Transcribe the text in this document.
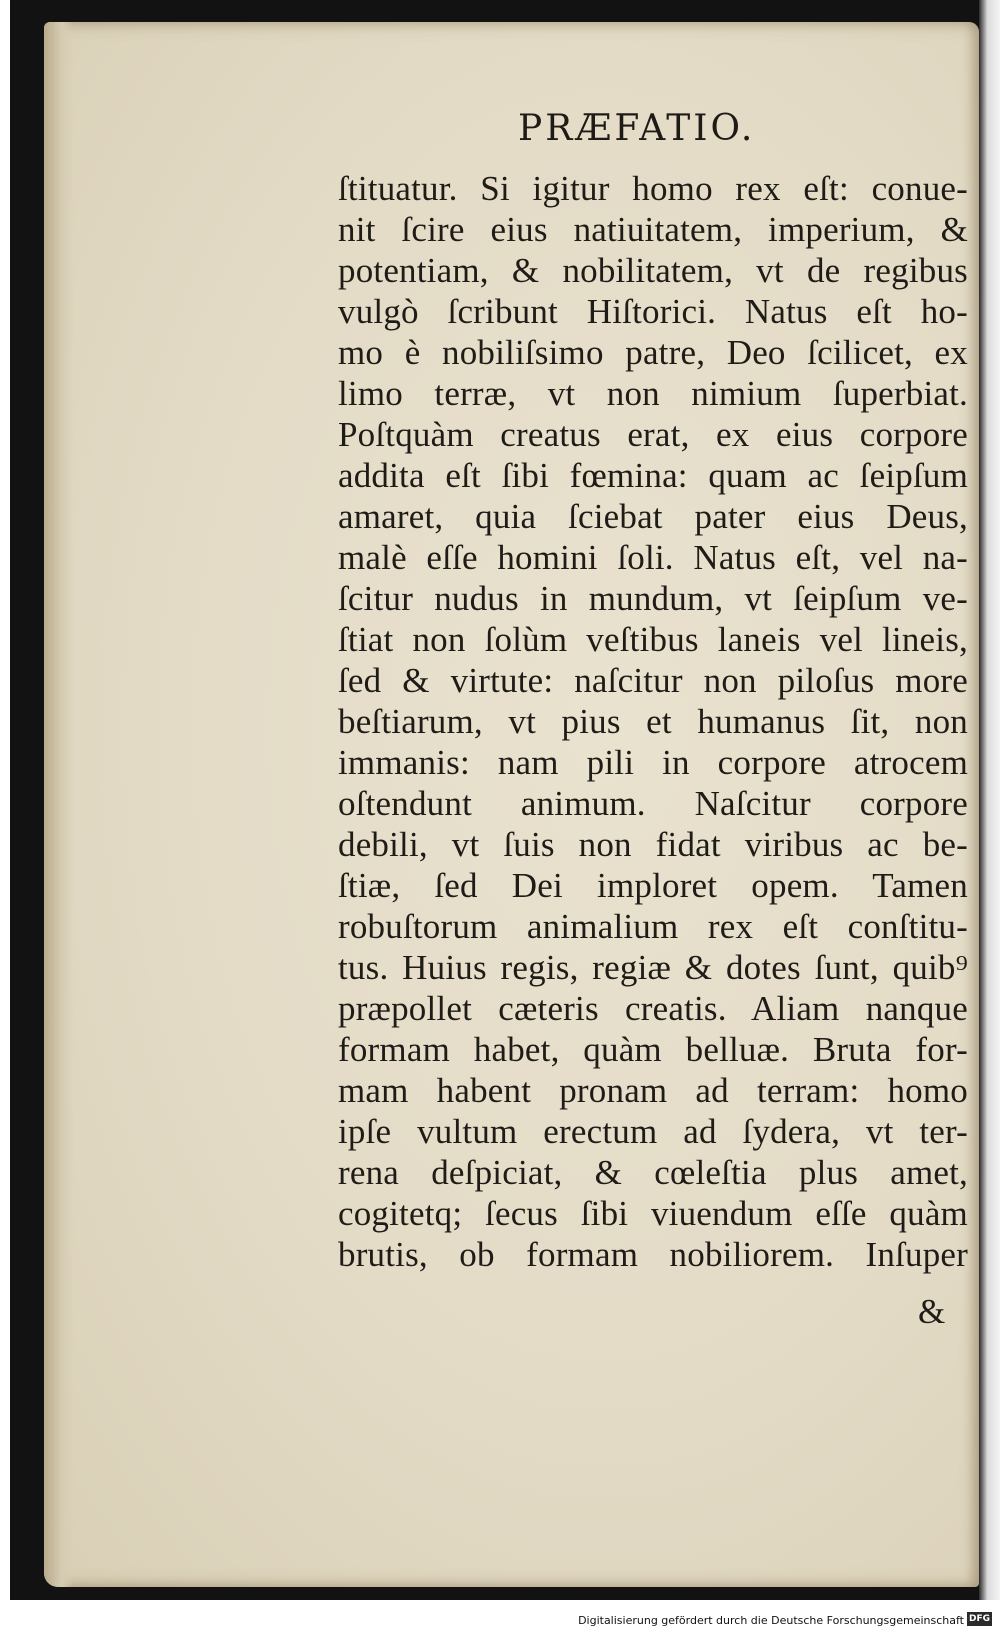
PRÆFATIO.
ſtituatur. Si igitur homo rex eſt: conue-
nit ſcire eius natiuitatem, imperium, &
potentiam, & nobilitatem, vt de regibus
vulgò ſcribunt Hiſtorici. Natus eſt ho-
mo è nobiliſsimo patre, Deo ſcilicet, ex
limo terræ, vt non nimium ſuperbiat.
Poſtquàm creatus erat, ex eius corpore
addita eſt ſibi fœmina: quam ac ſeipſum
amaret, quia ſciebat pater eius Deus,
malè eſſe homini ſoli. Natus eſt, vel na-
ſcitur nudus in mundum, vt ſeipſum ve-
ſtiat non ſolùm veſtibus laneis vel lineis,
ſed & virtute: naſcitur non piloſus more
beſtiarum, vt pius et humanus ſit, non
immanis: nam pili in corpore atrocem
oſtendunt animum. Naſcitur corpore
debili, vt ſuis non fidat viribus ac be-
ſtiæ, ſed Dei imploret opem. Tamen
robuſtorum animalium rex eſt conſtitu-
tus. Huius regis, regiæ & dotes ſunt, quib⁹
præpollet cæteris creatis. Aliam nanque
formam habet, quàm belluæ. Bruta for-
mam habent pronam ad terram: homo
ipſe vultum erectum ad ſydera, vt ter-
rena deſpiciat, & cœleſtia plus amet,
cogitetq; ſecus ſibi viuendum eſſe quàm
brutis, ob formam nobiliorem. Inſuper
&
Digitalisierung gefördert durch die Deutsche Forschungsgemeinschaft DFG
